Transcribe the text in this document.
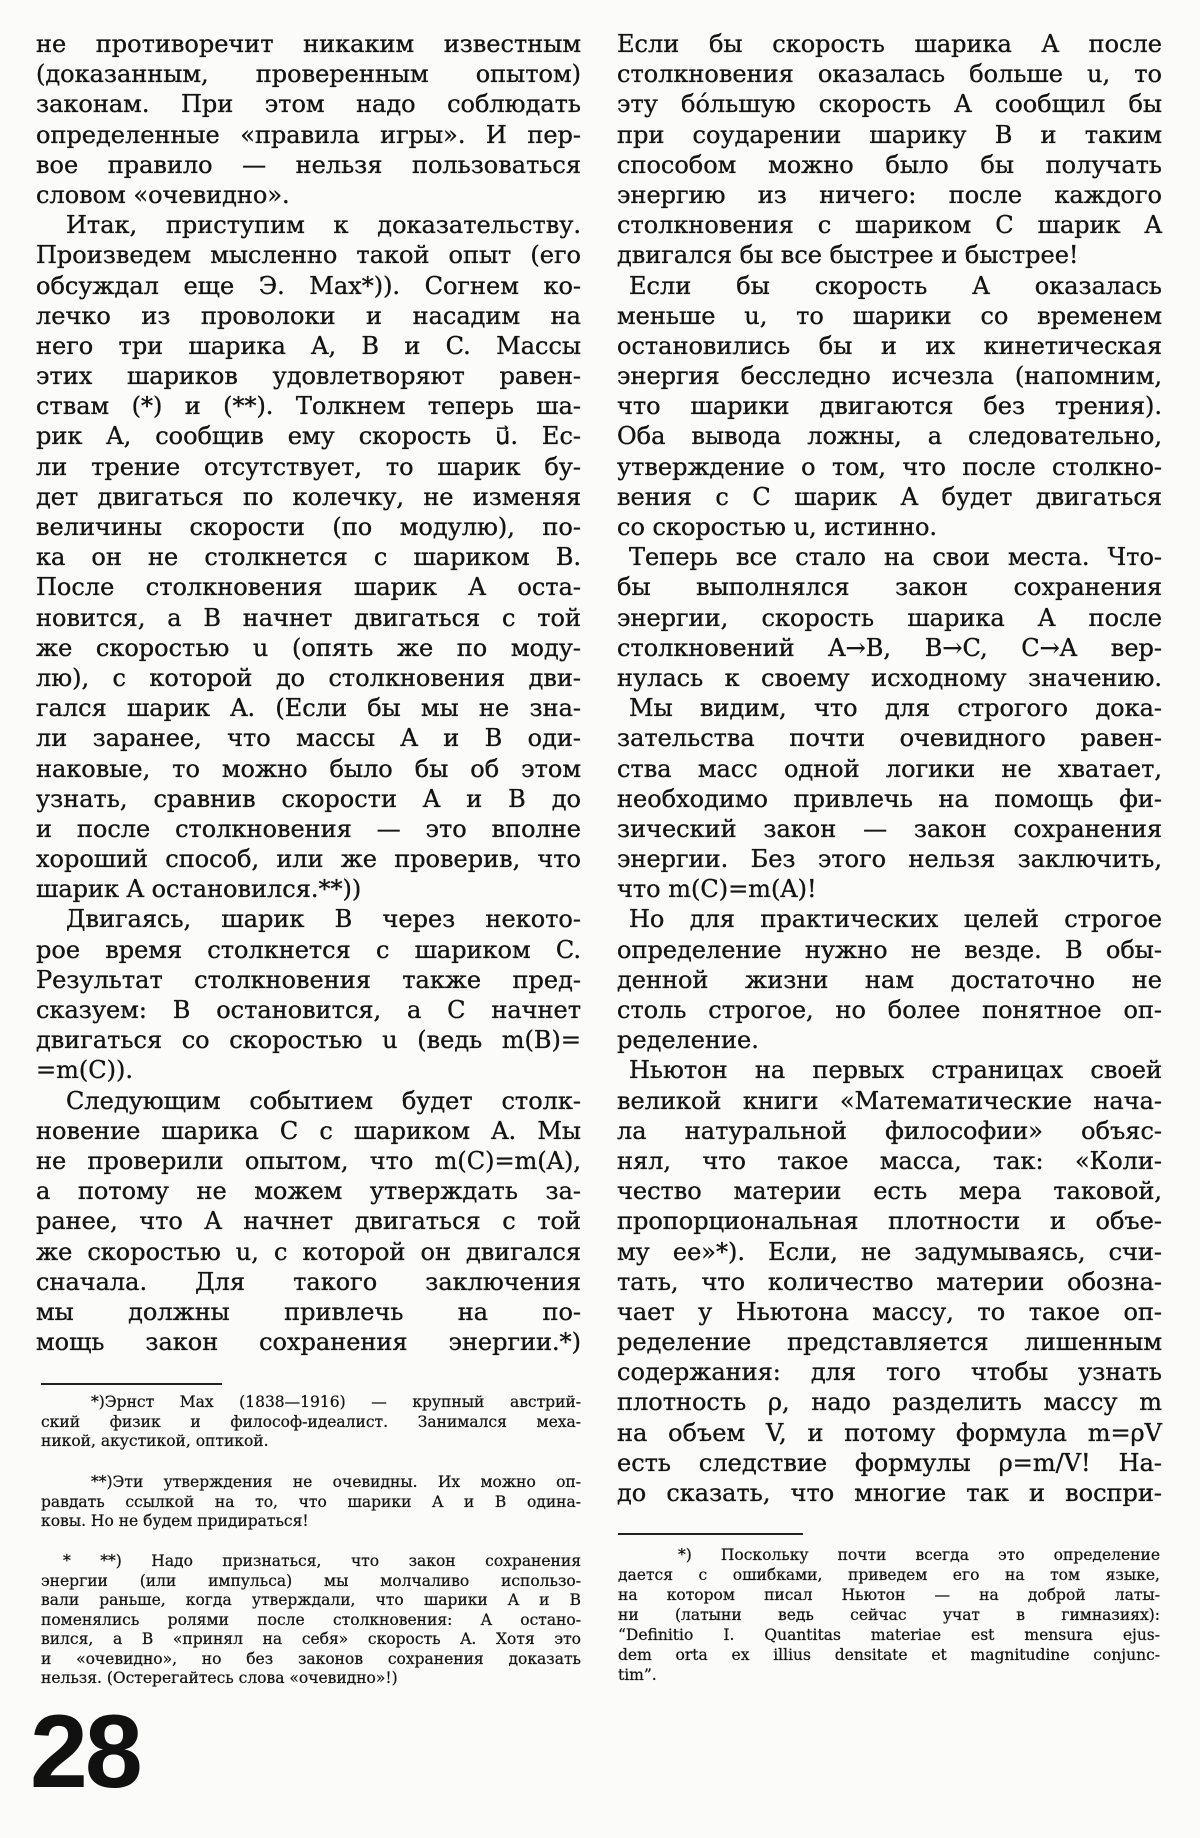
не противоречит никаким известным
(доказанным, проверенным опытом)
законам. При этом надо соблюдать
определенные «правила игры». И пер-
вое правило — нельзя пользоваться
словом «очевидно».
Итак, приступим к доказательству.
Произведем мысленно такой опыт (его
обсуждал еще Э. Мах*)). Согнем ко-
лечко из проволоки и насадим на
него три шарика A, B и C. Массы
этих шариков удовлетворяют равен-
ствам (*) и (**). Толкнем теперь ша-
рик A, сообщив ему скорость u⃗. Ес-
ли трение отсутствует, то шарик бу-
дет двигаться по колечку, не изменяя
величины скорости (по модулю), по-
ка он не столкнется с шариком B.
После столкновения шарик A оста-
новится, а B начнет двигаться с той
же скоростью u (опять же по моду-
лю), с которой до столкновения дви-
гался шарик A. (Если бы мы не зна-
ли заранее, что массы A и B оди-
наковые, то можно было бы об этом
узнать, сравнив скорости A и B до
и после столкновения — это вполне
хороший способ, или же проверив, что
шарик A остановился.**))
Двигаясь, шарик B через некото-
рое время столкнется с шариком C.
Результат столкновения также пред-
сказуем: B остановится, а C начнет
двигаться со скоростью u (ведь m(B)=
=m(C)).
Следующим событием будет столк-
новение шарика C с шариком A. Мы
не проверили опытом, что m(C)=m(A),
а потому не можем утверждать за-
ранее, что A начнет двигаться с той
же скоростью u, с которой он двигался
сначала. Для такого заключения
мы должны привлечь на по-
мощь закон сохранения энергии.*)
Если бы скорость шарика A после
столкновения оказалась больше u, то
эту бо́льшую скорость A сообщил бы
при соударении шарику B и таким
способом можно было бы получать
энергию из ничего: после каждого
столкновения с шариком C шарик A
двигался бы все быстрее и быстрее!
Если бы скорость A оказалась
меньше u, то шарики со временем
остановились бы и их кинетическая
энергия бесследно исчезла (напомним,
что шарики двигаются без трения).
Оба вывода ложны, а следовательно,
утверждение о том, что после столкно-
вения с C шарик A будет двигаться
со скоростью u, истинно.
Теперь все стало на свои места. Что-
бы выполнялся закон сохранения
энергии, скорость шарика A после
столкновений A→B, B→C, C→A вер-
нулась к своему исходному значению.
Мы видим, что для строгого дока-
зательства почти очевидного равен-
ства масс одной логики не хватает,
необходимо привлечь на помощь фи-
зический закон — закон сохранения
энергии. Без этого нельзя заключить,
что m(C)=m(A)!
Но для практических целей строгое
определение нужно не везде. В обы-
денной жизни нам достаточно не
столь строгое, но более понятное оп-
ределение.
Ньютон на первых страницах своей
великой книги «Математические нача-
ла натуральной философии» объяс-
нял, что такое масса, так: «Коли-
чество материи есть мера таковой,
пропорциональная плотности и объе-
му ее»*). Если, не задумываясь, счи-
тать, что количество материи обозна-
чает у Ньютона массу, то такое оп-
ределение представляется лишенным
содержания: для того чтобы узнать
плотность ρ, надо разделить массу m
на объем V, и потому формула m=ρV
есть следствие формулы ρ=m/V! На-
до сказать, что многие так и воспри-
*)Эрнст Мах (1838—1916) — крупный австрий-
ский физик и философ-идеалист. Занимался меха-
никой, акустикой, оптикой.
**)Эти утверждения не очевидны. Их можно оп-
равдать ссылкой на то, что шарики A и B одина-
ковы. Но не будем придираться!
* **) Надо признаться, что закон сохранения
энергии (или импульса) мы молчаливо использо-
вали раньше, когда утверждали, что шарики A и B
поменялись ролями после столкновения: A остано-
вился, а B «принял на себя» скорость A. Хотя это
и «очевидно», но без законов сохранения доказать
нельзя. (Остерегайтесь слова «очевидно»!)
*) Поскольку почти всегда это определение
дается с ошибками, приведем его на том языке,
на котором писал Ньютон — на доброй латы-
ни (латыни ведь сейчас учат в гимназиях):
“Definitio I. Quantitas materiae est mensura ejus-
dem orta ex illius densitate et magnitudine conjunc-
tim”.
28
